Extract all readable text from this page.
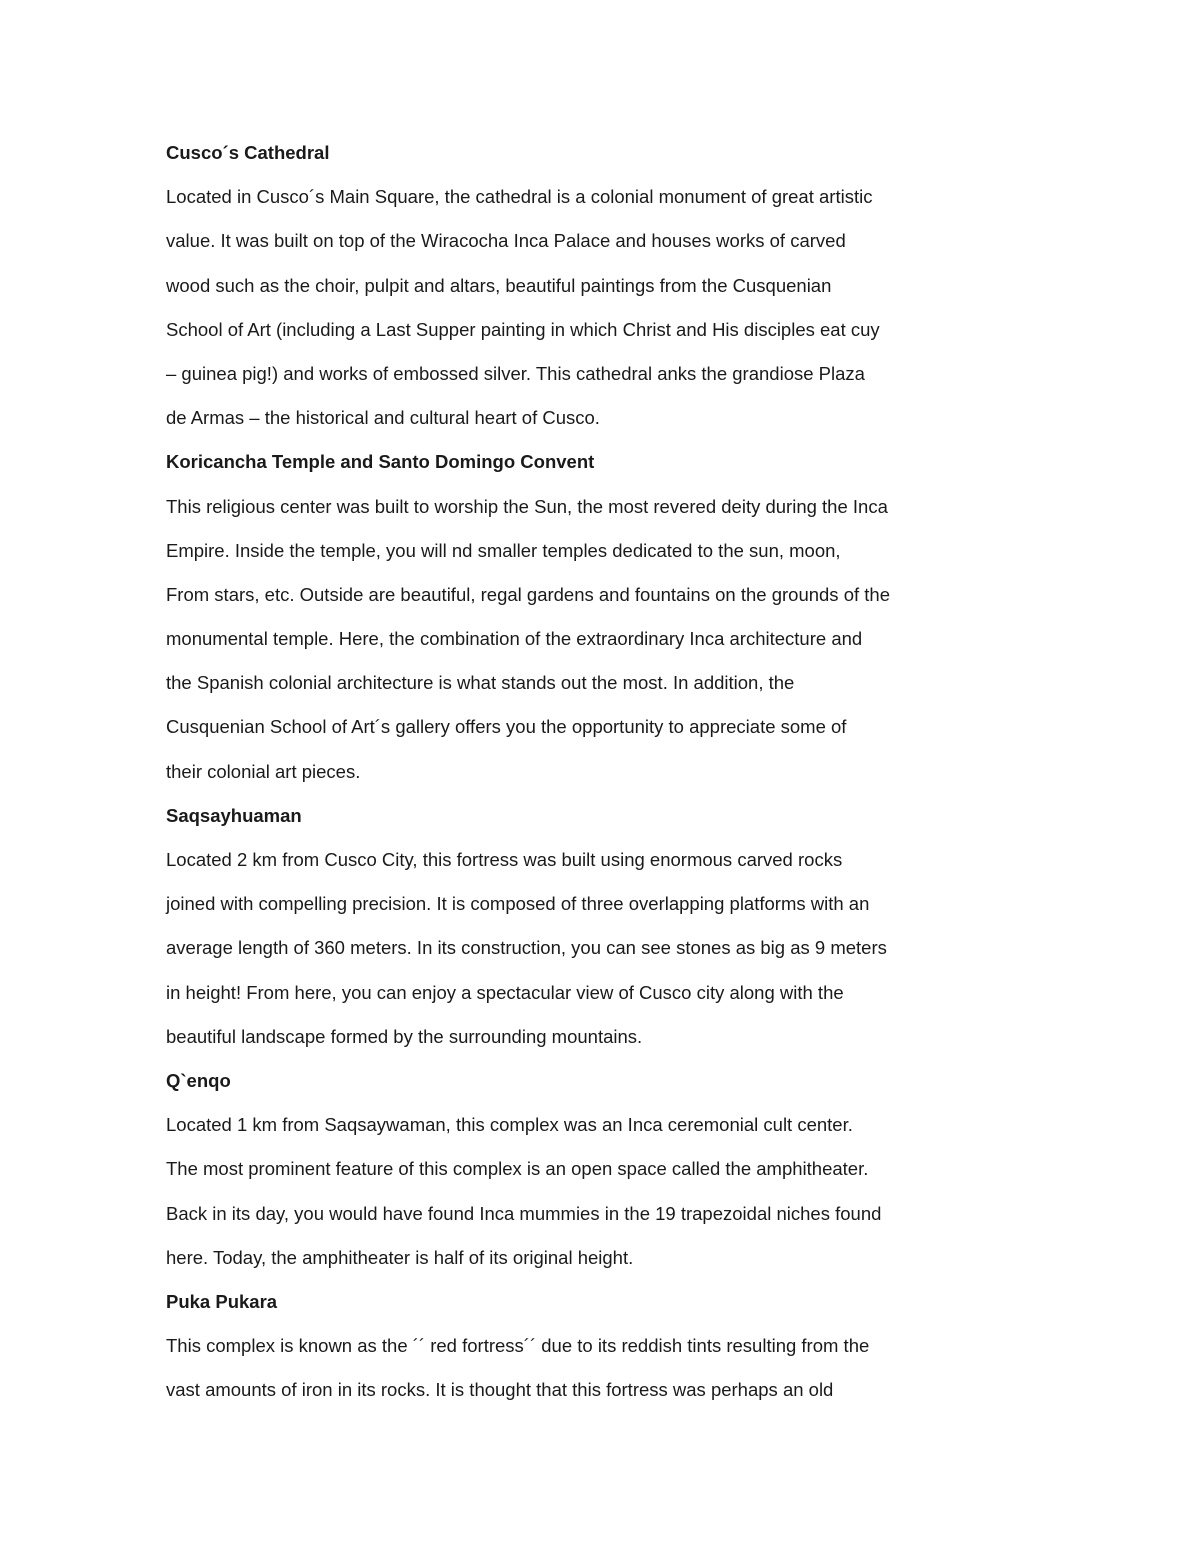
Cusco´s Cathedral
Located in Cusco´s Main Square, the cathedral is a colonial monument of great artistic
value. It was built on top of the Wiracocha Inca Palace and houses works of carved
wood such as the choir, pulpit and altars, beautiful paintings from the Cusquenian
School of Art (including a Last Supper painting in which Christ and His disciples eat cuy
– guinea pig!) and works of embossed silver. This cathedral anks the grandiose Plaza
de Armas – the historical and cultural heart of Cusco.
Koricancha Temple and Santo Domingo Convent
This religious center was built to worship the Sun, the most revered deity during the Inca
Empire. Inside the temple, you will nd smaller temples dedicated to the sun, moon,
From stars, etc. Outside are beautiful, regal gardens and fountains on the grounds of the
monumental temple. Here, the combination of the extraordinary Inca architecture and
the Spanish colonial architecture is what stands out the most. In addition, the
Cusquenian School of Art´s gallery offers you the opportunity to appreciate some of
their colonial art pieces.
Saqsayhuaman
Located 2 km from Cusco City, this fortress was built using enormous carved rocks
joined with compelling precision. It is composed of three overlapping platforms with an
average length of 360 meters. In its construction, you can see stones as big as 9 meters
in height! From here, you can enjoy a spectacular view of Cusco city along with the
beautiful landscape formed by the surrounding mountains.
Q`enqo
Located 1 km from Saqsaywaman, this complex was an Inca ceremonial cult center.
The most prominent feature of this complex is an open space called the amphitheater.
Back in its day, you would have found Inca mummies in the 19 trapezoidal niches found
here. Today, the amphitheater is half of its original height.
Puka Pukara
This complex is known as the ´´ red fortress´´ due to its reddish tints resulting from the
vast amounts of iron in its rocks. It is thought that this fortress was perhaps an old
